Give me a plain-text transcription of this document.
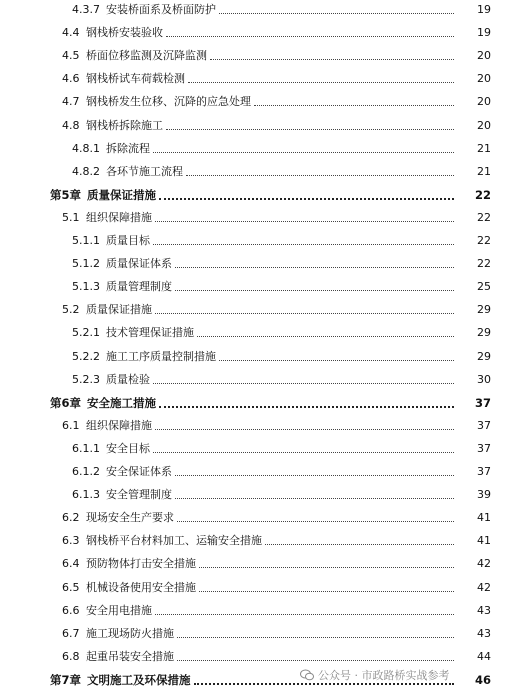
4.3.7 安装桥面系及桥面防护	19
4.4 钢栈桥安装验收	19
4.5 桥面位移监测及沉降监测	20
4.6 钢栈桥试车荷载检测	20
4.7 钢栈桥发生位移、沉降的应急处理	20
4.8 钢栈桥拆除施工	20
4.8.1 拆除流程	21
4.8.2 各环节施工流程	21
第5章 质量保证措施	22
5.1 组织保障措施	22
5.1.1 质量目标	22
5.1.2 质量保证体系	22
5.1.3 质量管理制度	25
5.2 质量保证措施	29
5.2.1 技术管理保证措施	29
5.2.2 施工工序质量控制措施	29
5.2.3 质量检验	30
第6章 安全施工措施	37
6.1 组织保障措施	37
6.1.1 安全目标	37
6.1.2 安全保证体系	37
6.1.3 安全管理制度	39
6.2 现场安全生产要求	41
6.3 钢栈桥平台材料加工、运输安全措施	41
6.4 预防物体打击安全措施	42
6.5 机械设备使用安全措施	42
6.6 安全用电措施	43
6.7 施工现场防火措施	43
6.8 起重吊装安全措施	44
第7章 文明施工及环保措施	46
公众号 · 市政路桥实战参考
